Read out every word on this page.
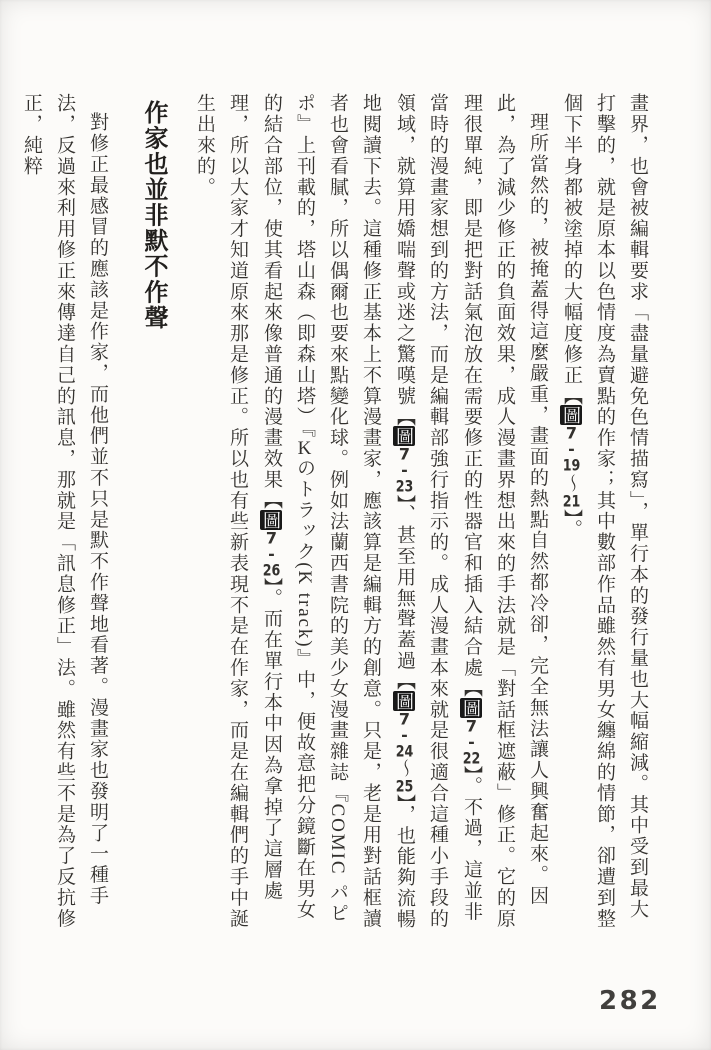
畫界，也會被編輯要求「盡量避免色情描寫」，單行本的發行量也大幅縮減。其中受到最大打擊的，就是原本以色情度為賣點的作家；其中數部作品雖然有男女纏綿的情節，卻遭到整個下半身都被塗掉的大幅度修正【圖7-19～21】。

理所當然的，被掩蓋得這麼嚴重，畫面的熱點自然都冷卻，完全無法讓人興奮起來。因此，為了減少修正的負面效果，成人漫畫界想出來的手法就是「對話框遮蔽」修正。它的原理很單純，即是把對話氣泡放在需要修正的性器官和插入結合處【圖7-22】。不過，這並非當時的漫畫家想到的方法，而是編輯部強行指示的。成人漫畫本來就是很適合這種小手段的領域，就算用嬌喘聲或迷之驚嘆號【圖7-23】、甚至用無聲蓋過【圖7-24～25】，也能夠流暢地閱讀下去。這種修正基本上不算漫畫家，應該算是編輯方的創意。只是，老是用對話框讀者也會看膩，所以偶爾也要來點變化球。例如法蘭西書院的美少女漫畫雜誌『COMIC パピポ』上刊載的，塔山森（即森山塔）『Kのトラック(K track)』中，便故意把分鏡斷在男女的結合部位，使其看起來像普通的漫畫效果【圖7-26】。而在單行本中因為拿掉了這層處理，所以大家才知道原來那是修正。所以也有些新表現不是在作家，而是在編輯們的手中誕生出來的。

作家也並非默不作聲

對修正最感冒的應該是作家，而他們並不只是默不作聲地看著。漫畫家也發明了一種手法，反過來利用修正來傳達自己的訊息，那就是「訊息修正」法。雖然有些不是為了反抗修正，純粹

282
